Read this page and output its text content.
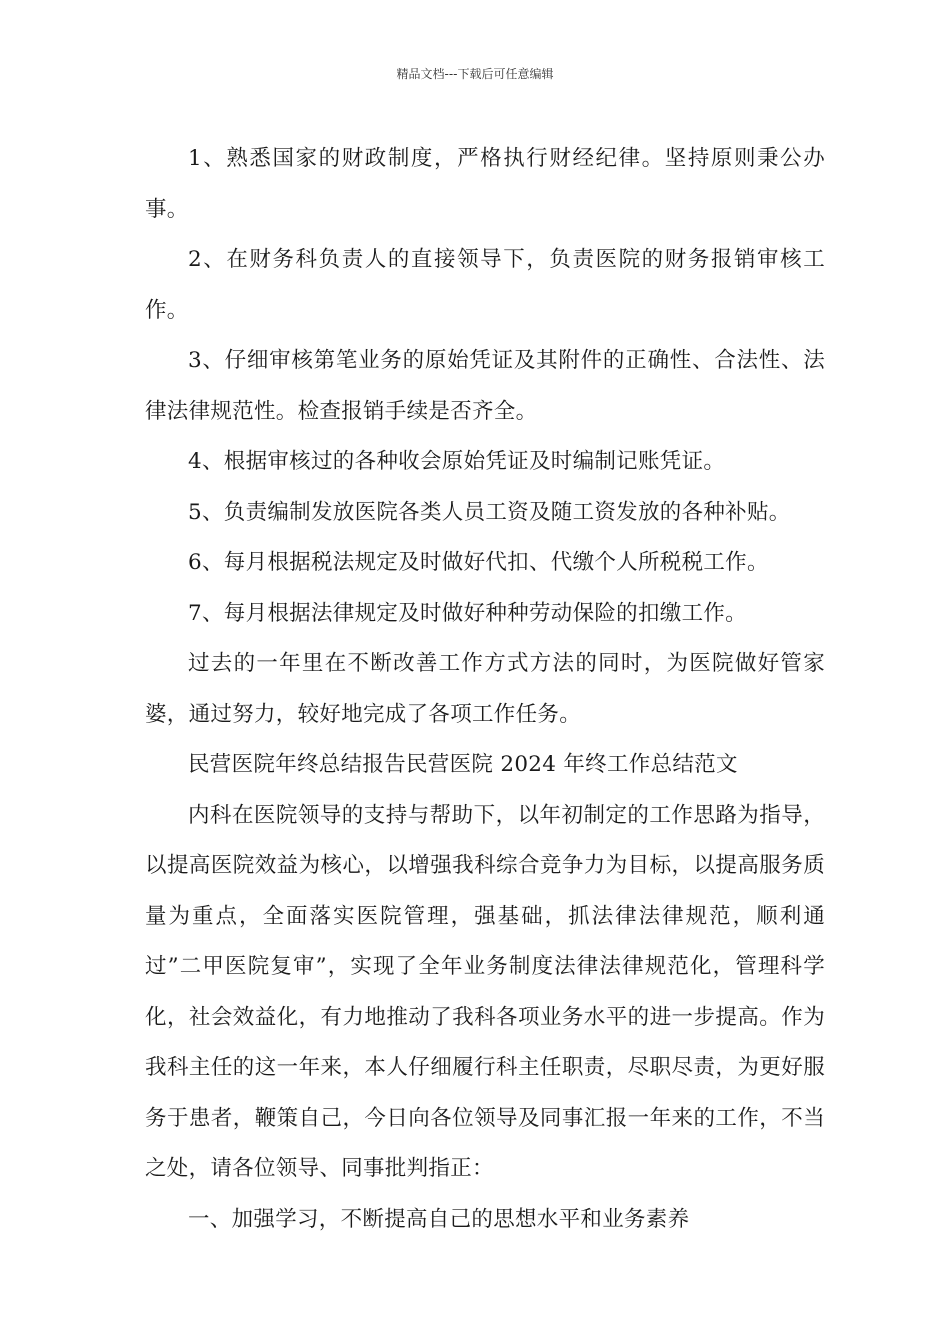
精品文档---下载后可任意编辑

1、熟悉国家的财政制度，严格执行财经纪律。坚持原则秉公办事。

2、在财务科负责人的直接领导下，负责医院的财务报销审核工作。

3、仔细审核第笔业务的原始凭证及其附件的正确性、合法性、法律法律规范性。检查报销手续是否齐全。

4、根据审核过的各种收会原始凭证及时编制记账凭证。

5、负责编制发放医院各类人员工资及随工资发放的各种补贴。

6、每月根据税法规定及时做好代扣、代缴个人所税税工作。

7、每月根据法律规定及时做好种种劳动保险的扣缴工作。

过去的一年里在不断改善工作方式方法的同时，为医院做好管家婆，通过努力，较好地完成了各项工作任务。

民营医院年终总结报告民营医院 2024 年终工作总结范文

内科在医院领导的支持与帮助下，以年初制定的工作思路为指导，以提高医院效益为核心，以增强我科综合竞争力为目标，以提高服务质量为重点，全面落实医院管理，强基础，抓法律法律规范，顺利通过”二甲医院复审”，实现了全年业务制度法律法律规范化，管理科学化，社会效益化，有力地推动了我科各项业务水平的进一步提高。作为我科主任的这一年来，本人仔细履行科主任职责，尽职尽责，为更好服务于患者，鞭策自己，今日向各位领导及同事汇报一年来的工作，不当之处，请各位领导、同事批判指正：

一、加强学习，不断提高自己的思想水平和业务素养
